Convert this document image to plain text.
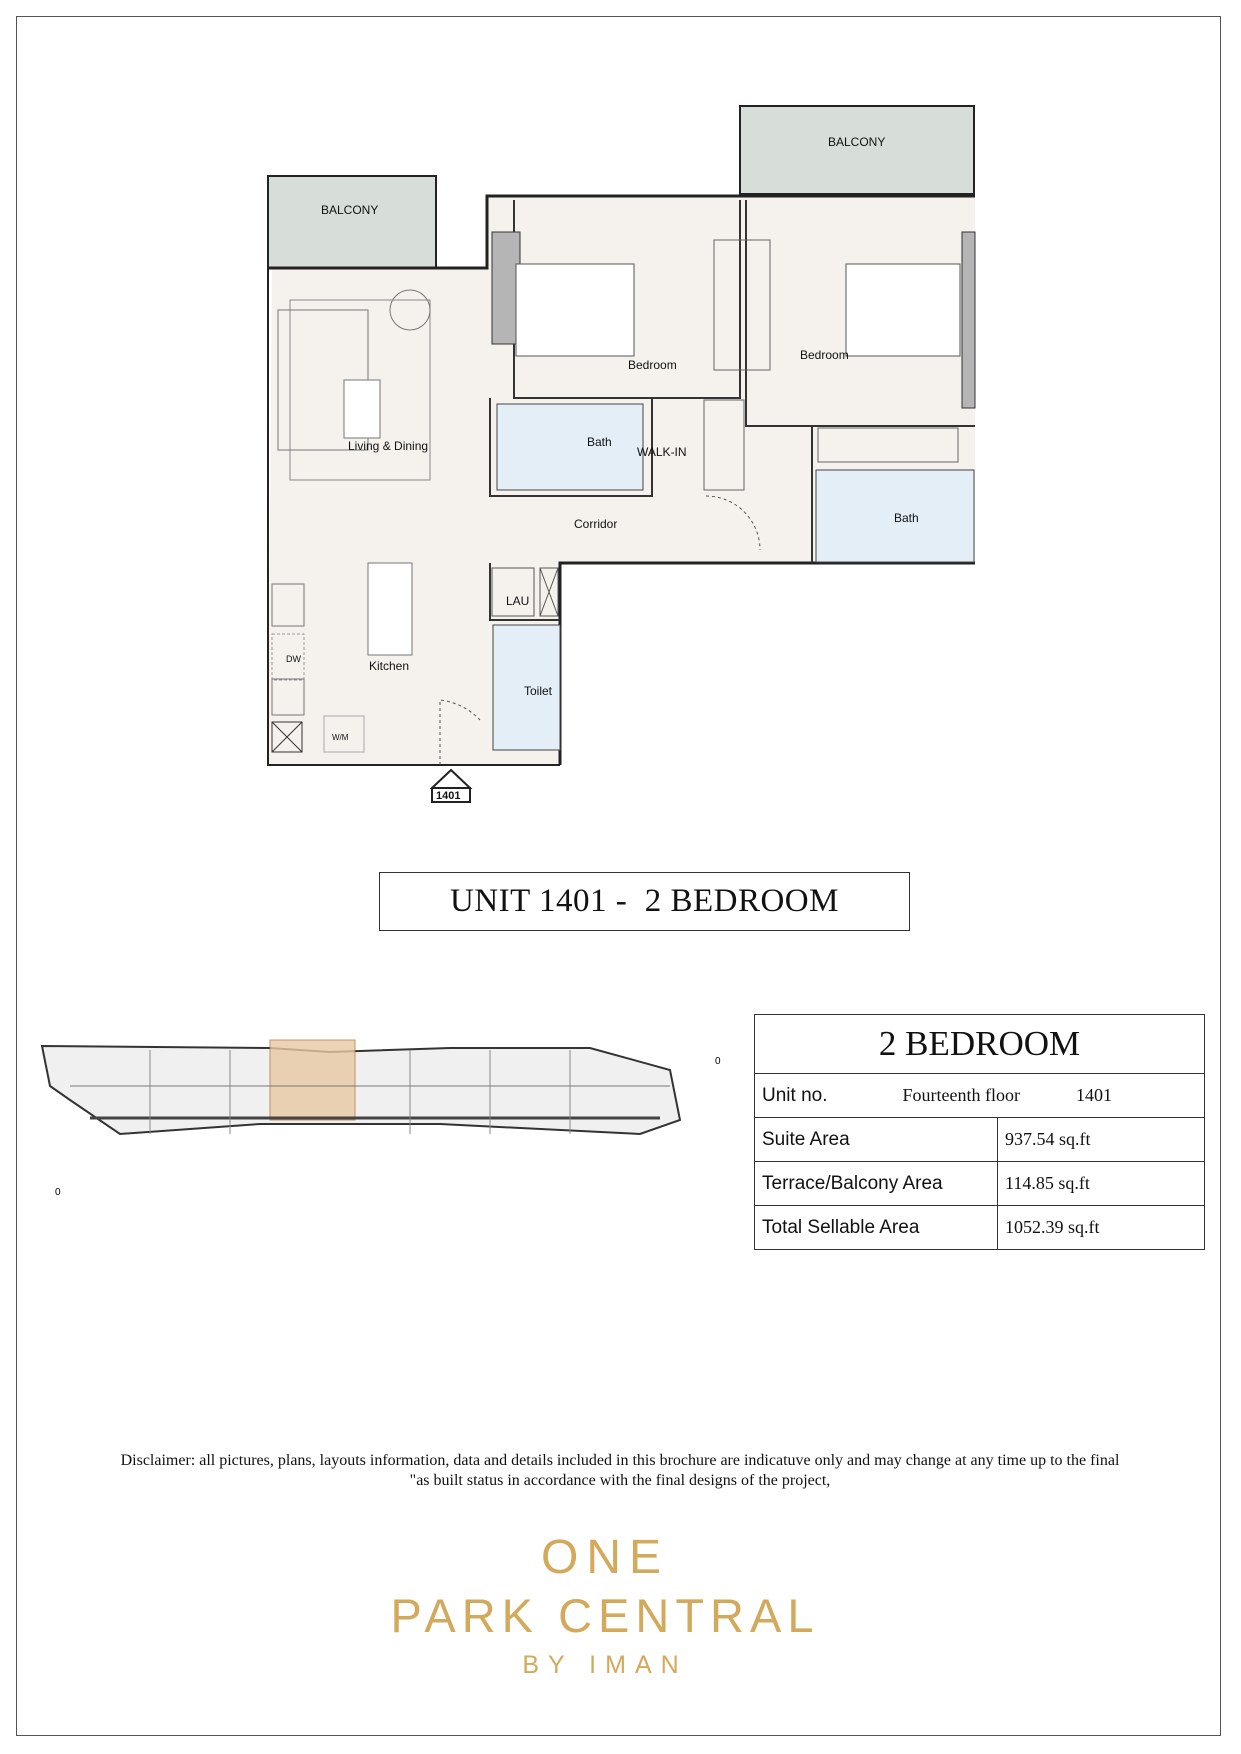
BALCONY
BALCONY
Bedroom
Bedroom
Living & Dining	Bath
WALK-IN
Corridor	Bath
LAU
Kitchen
Toilet
DW
W/M
1401
UNIT 1401 -  2 BEDROOM
0
0
2 BEDROOM	

Unit no. Fourteenth floor 1401	

Suite Area	937.54 sq.ft
Terrace/Balcony Area	114.85 sq.ft
Total Sellable Area	1052.39 sq.ft
Disclaimer: all pictures, plans, layouts information, data and details included in this brochure are indicatuve only and may change at any time up to the final
"as built status in accordance with the final designs of the project,
ONE
PARK CENTRAL
BY IMAN
